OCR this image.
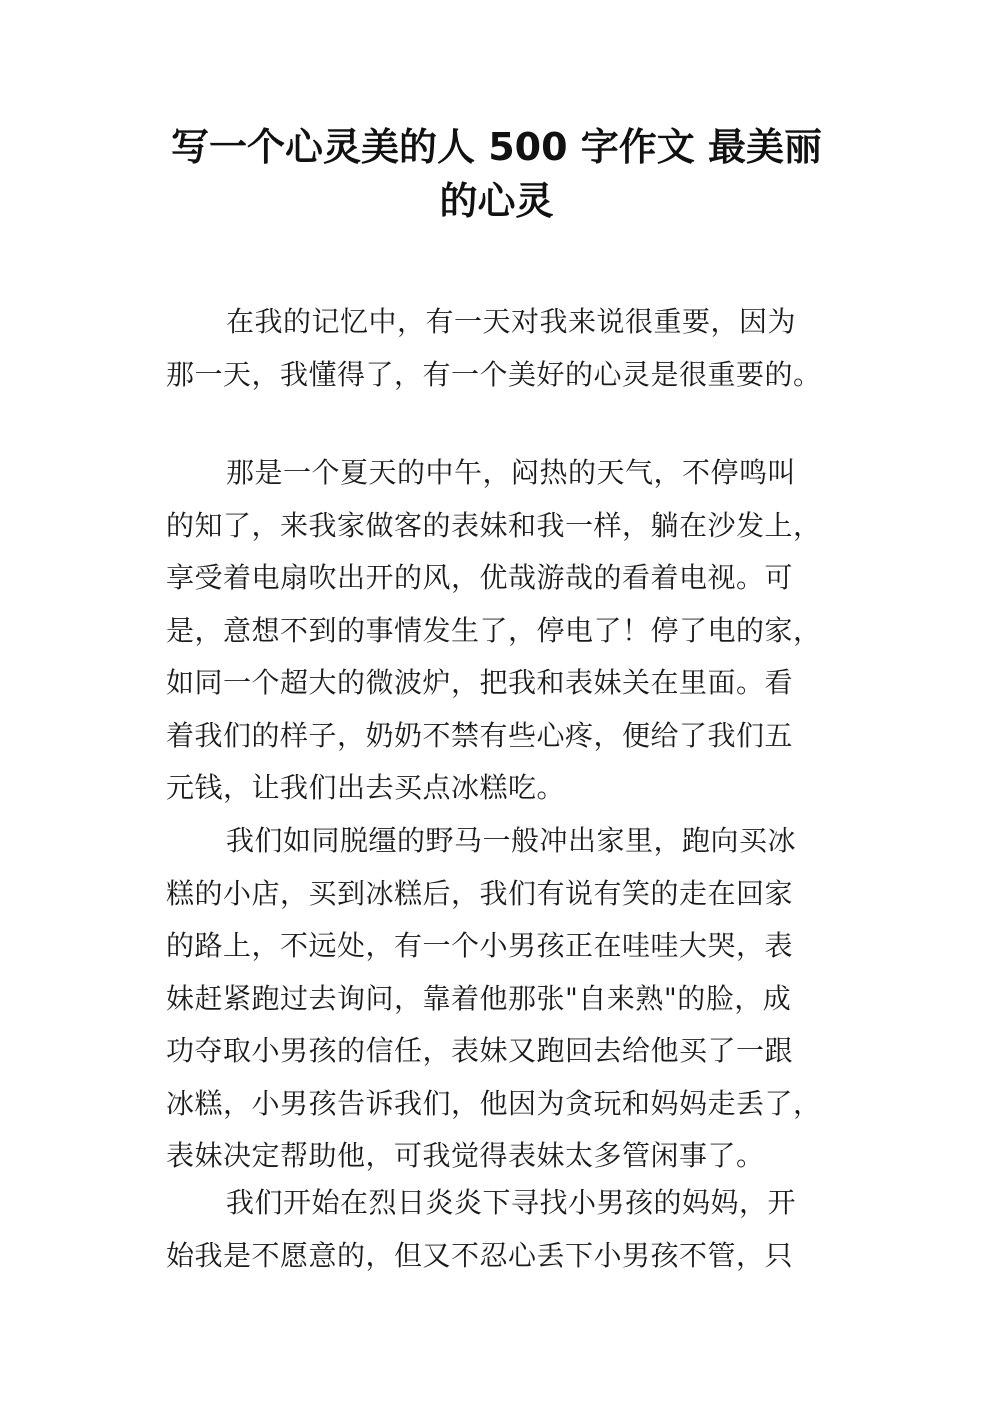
写一个心灵美的人 500 字作文 最美丽
的心灵
在我的记忆中，有一天对我来说很重要，因为
那一天，我懂得了，有一个美好的心灵是很重要的。
那是一个夏天的中午，闷热的天气，不停鸣叫
的知了，来我家做客的表妹和我一样，躺在沙发上，
享受着电扇吹出开的风，优哉游哉的看着电视。可
是，意想不到的事情发生了，停电了！停了电的家，
如同一个超大的微波炉，把我和表妹关在里面。看
着我们的样子，奶奶不禁有些心疼，便给了我们五
元钱，让我们出去买点冰糕吃。
我们如同脱缰的野马一般冲出家里，跑向买冰
糕的小店，买到冰糕后，我们有说有笑的走在回家
的路上，不远处，有一个小男孩正在哇哇大哭，表
妹赶紧跑过去询问，靠着他那张"自来熟"的脸，成
功夺取小男孩的信任，表妹又跑回去给他买了一跟
冰糕，小男孩告诉我们，他因为贪玩和妈妈走丢了，
表妹决定帮助他，可我觉得表妹太多管闲事了。
我们开始在烈日炎炎下寻找小男孩的妈妈，开
始我是不愿意的，但又不忍心丢下小男孩不管，只
